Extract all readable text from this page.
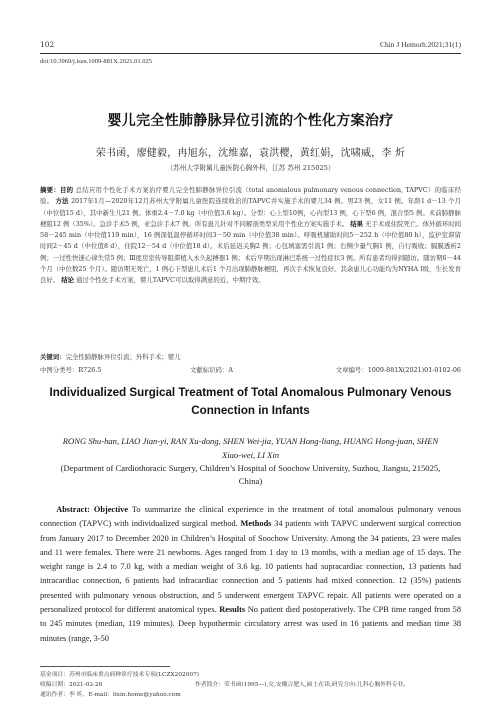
102	Chin J Hemorh.2021;31(1)
doi:10.3969/j.issn.1009-881X.2021.01.025
婴儿完全性肺静脉异位引流的个性化方案治疗
荣书函，廖健毅，冉旭东，沈维嘉，袁洪樱，黄红娟，沈啸威，李 炘
（苏州大学附属儿童医院心胸外科，江苏 苏州 215025）
摘要：目的 总结应用个性化手术方案治疗婴儿完全性肺静脉异位引流（total anomalous pulmonary venous connection, TAPVC）的临床经验。 方法 2017年1月—2020年12月苏州大学附属儿童医院连续收治的TAPVC并实施手术的婴儿34 例。男23 例，女11 例。年龄1 d－13 个月（中位值15 d），其中新生儿21 例。体重2.4－7.0 kg（中位值3.6 kg）。分型：心上型10例，心内型13 例，心下型6 例，混合型5 例。术前肺静脉梗阻12 例（35%）。急诊手术5 例，亚急诊手术7 例。所有患儿针对不同解剖类型采用个性化方案实施手术。 结果 无手术或住院死亡。体外循环时间58－245 min（中位值119 min），16 例深低温停循环时间3－50 min（中位值38 min）。呼吸机辅助时间5－252 h（中位值80 h），监护室滞留时间2－45 d（中位值8 d），住院12－54 d（中位值18 d）。术后延迟关胸2 例；心包填塞需引流1 例；右侧少量气胸1 例，自行吸收；膈膜透析2 例；一过性快速心律失常5 例；Ⅲ度房室传导阻滞植入永久起搏器1 例；术后早期出现淋巴系统一过性症状3 例。所有患者均得到随访。随访期6－44 个月（中位数25 个月）。随访期无死亡，1 例心下型患儿术后1 个月出现肺静脉梗阻，再次手术恢复良好。其余患儿心功能均为NYHA Ⅰ级，生长发育良好。 结论 通过个性化手术方案，婴儿TAPVC可以取得满意的近、中期疗效。
关键词：完全性肺静脉异位引流；外科手术；婴儿
中图分类号：R726.5	文献标识码：A	文章编号：1009-881X(2021)01-0102-06
Individualized Surgical Treatment of Total Anomalous Pulmonary Venous
Connection in Infants
RONG Shu-han, LIAO Jian-yi, RAN Xu-dong, SHEN Wei-jia, YUAN Hong-liang, HUANG Hong-juan, SHEN
Xiao-wei, LI Xin
(Department of Cardiothoracic Surgery, Children’s Hospital of Soochow University, Suzhou, Jiangsu, 215025,
China)
Abstract: Objective To summarize the clinical experience in the treatment of total anomalous pulmonary venous connection (TAPVC) with individualized surgical method. Methods 34 patients with TAPVC underwent surgical correction from January 2017 to December 2020 in Children’s Hospital of Soochow University. Among the 34 patients, 23 were males and 11 were females. There were 21 newborns. Ages ranged from 1 day to 13 months, with a median age of 15 days. The weight range is 2.4 to 7.0 kg, with a median weight of 3.6 kg. 10 patients had supracardiac connection, 13 patients had intracardiac connection, 6 patients had infracardiac connection and 5 patients had mixed connection. 12 (35%) patients presented with pulmonary venous obstruction, and 5 underwent emergent TAPVC repair. All patients were operated on a personalized protocol for different anatomical types. Results No patient died postoperatively. The CPB time ranged from 58 to 245 minutes (median, 119 minutes). Deep hypothermic circulatory arrest was used in 16 patients and median time 38 minutes (range, 3-50
基金项目：苏州市临床重点病种诊疗技术专项(LCZX202007)
收稿日期：2021-02-26	作者简介：荣书函(1995—),女,安徽合肥人,硕士在读,研究方向:儿科心胸外科专业。
通讯作者：李 炘，E-mail：lixin.home@yahoo.com
